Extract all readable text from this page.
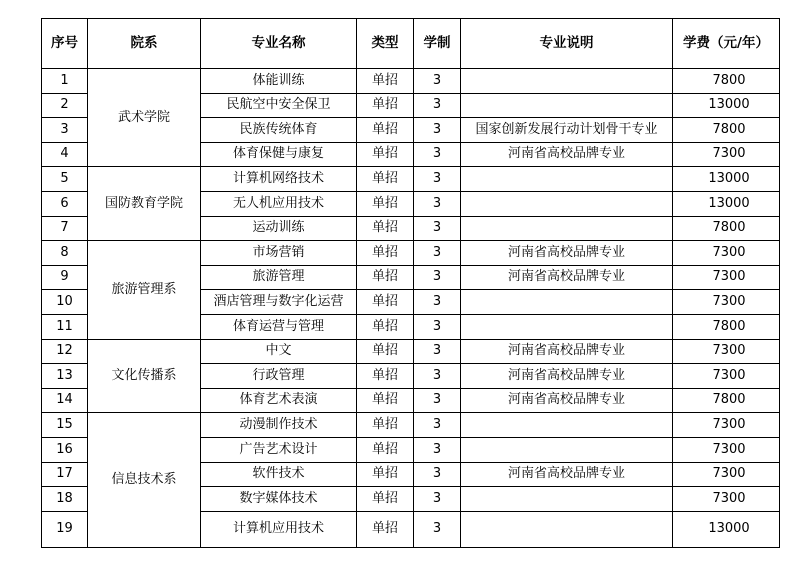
序号	院系	专业名称	类型	学制	专业说明	学费（元/年）
1	武术学院	体能训练	单招	3		7800
2		民航空中安全保卫	单招	3		13000
3		民族传统体育	单招	3	国家创新发展行动计划骨干专业	7800
4		体育保健与康复	单招	3	河南省高校品牌专业	7300
5	国防教育学院	计算机网络技术	单招	3		13000
6		无人机应用技术	单招	3		13000
7		运动训练	单招	3		7800
8	旅游管理系	市场营销	单招	3	河南省高校品牌专业	7300
9		旅游管理	单招	3	河南省高校品牌专业	7300
10		酒店管理与数字化运营	单招	3		7300
11		体育运营与管理	单招	3		7800
12	文化传播系	中文	单招	3	河南省高校品牌专业	7300
13		行政管理	单招	3	河南省高校品牌专业	7300
14		体育艺术表演	单招	3	河南省高校品牌专业	7800
15	信息技术系	动漫制作技术	单招	3		7300
16		广告艺术设计	单招	3		7300
17		软件技术	单招	3	河南省高校品牌专业	7300
18		数字媒体技术	单招	3		7300
19		计算机应用技术	单招	3		13000
